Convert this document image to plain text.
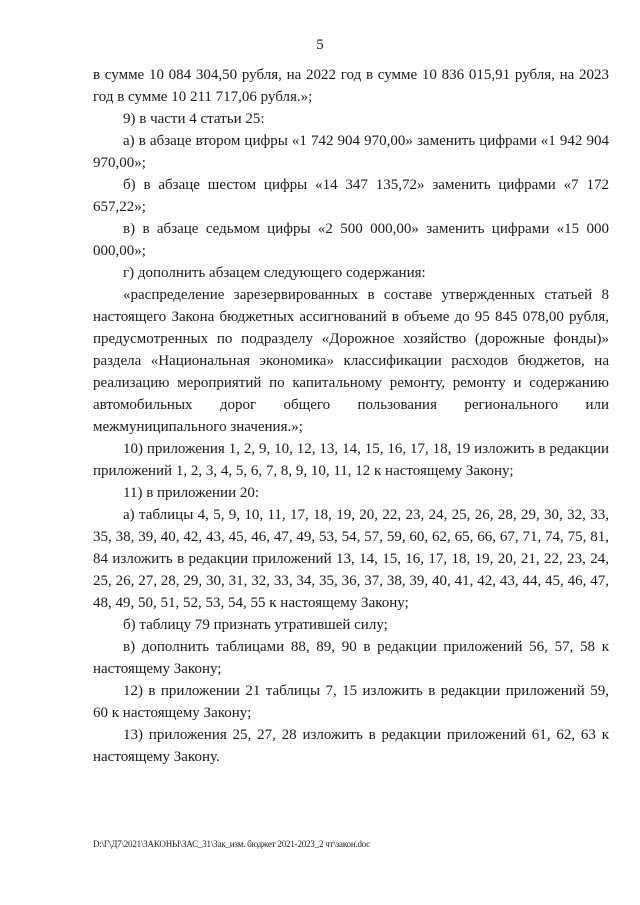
5

в сумме 10 084 304,50 рубля, на 2022 год в сумме 10 836 015,91 рубля, на 2023 год в сумме 10 211 717,06 рубля.»;

9) в части 4 статьи 25:

а) в абзаце втором цифры «1 742 904 970,00» заменить цифрами «1 942 904 970,00»;

б) в абзаце шестом цифры «14 347 135,72» заменить цифрами «7 172 657,22»;

в) в абзаце седьмом цифры «2 500 000,00» заменить цифрами «15 000 000,00»;

г) дополнить абзацем следующего содержания:

«распределение зарезервированных в составе утвержденных статьей 8 настоящего Закона бюджетных ассигнований в объеме до 95 845 078,00 рубля, предусмотренных по подразделу «Дорожное хозяйство (дорожные фонды)» раздела «Национальная экономика» классификации расходов бюджетов, на реализацию мероприятий по капитальному ремонту, ремонту и содержанию автомобильных дорог общего пользования регионального или межмуниципального значения.»;

10) приложения 1, 2, 9, 10, 12, 13, 14, 15, 16, 17, 18, 19 изложить в редакции приложений 1, 2, 3, 4, 5, 6, 7, 8, 9, 10, 11, 12 к настоящему Закону;

11) в приложении 20:

а) таблицы 4, 5, 9, 10, 11, 17, 18, 19, 20, 22, 23, 24, 25, 26, 28, 29, 30, 32, 33, 35, 38, 39, 40, 42, 43, 45, 46, 47, 49, 53, 54, 57, 59, 60, 62, 65, 66, 67, 71, 74, 75, 81, 84 изложить в редакции приложений 13, 14, 15, 16, 17, 18, 19, 20, 21, 22, 23, 24, 25, 26, 27, 28, 29, 30, 31, 32, 33, 34, 35, 36, 37, 38, 39, 40, 41, 42, 43, 44, 45, 46, 47, 48, 49, 50, 51, 52, 53, 54, 55 к настоящему Закону;

б) таблицу 79 признать утратившей силу;

в) дополнить таблицами 88, 89, 90 в редакции приложений 56, 57, 58 к настоящему Закону;

12) в приложении 21 таблицы 7, 15 изложить в редакции приложений 59, 60 к настоящему Закону;

13) приложения 25, 27, 28 изложить в редакции приложений 61, 62, 63 к настоящему Закону.

D:\Г\Д7\2021\ЗАКОНЫ\ЗАС_31\Зак_изм. бюджет 2021-2023_2 чт\закон.doc
